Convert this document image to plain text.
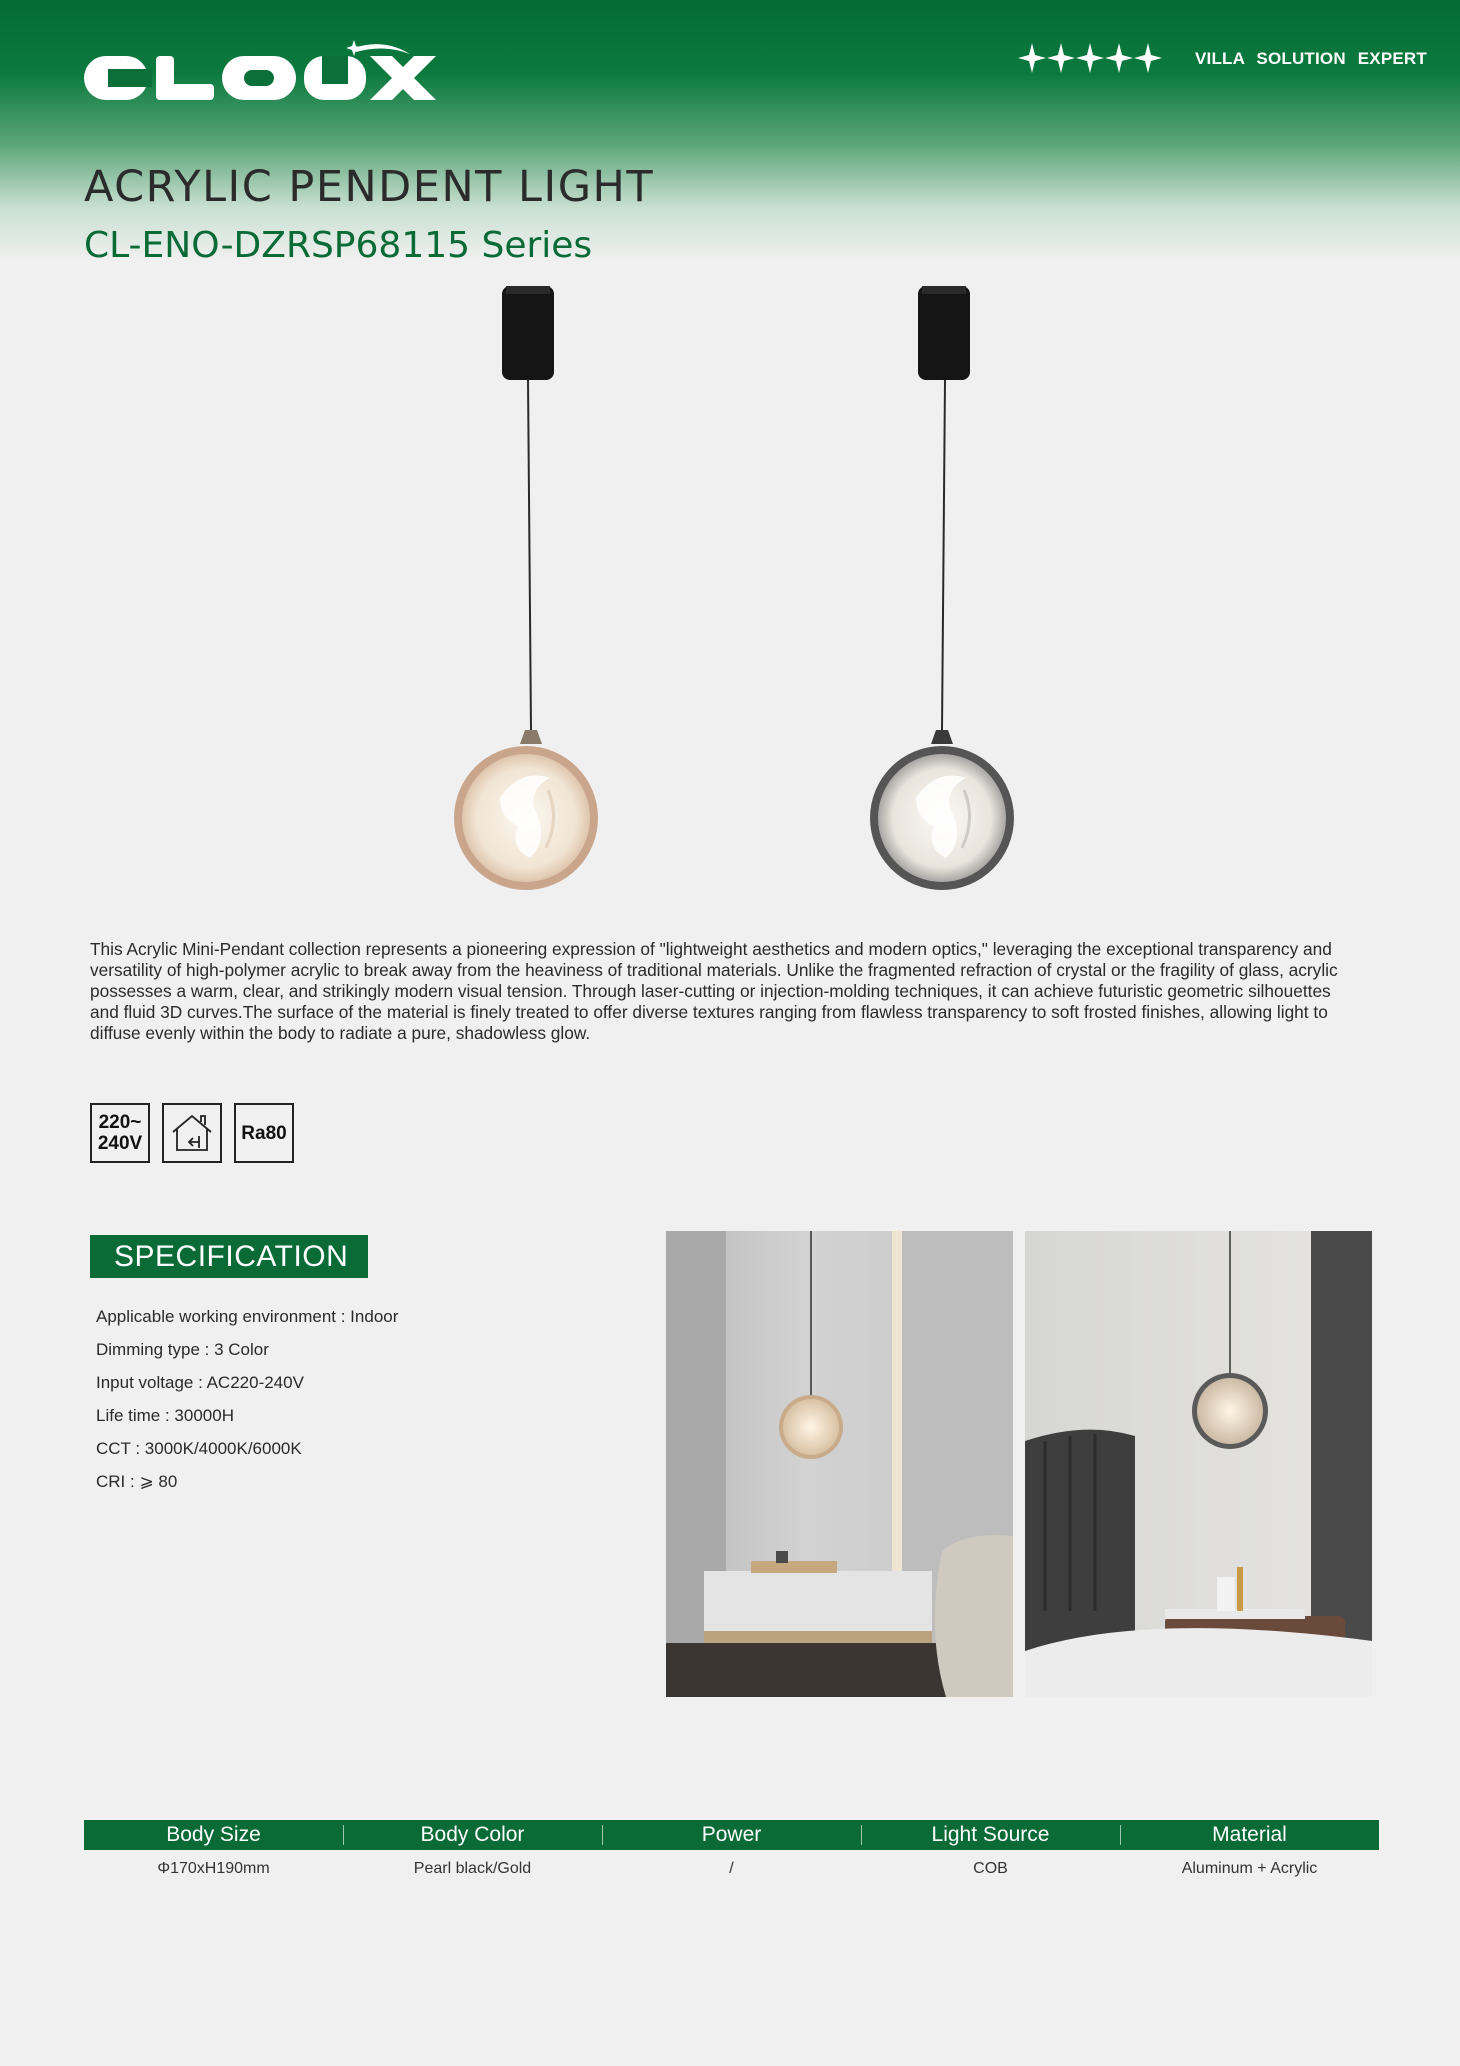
VILLA SOLUTION EXPERT
ACRYLIC PENDENT LIGHT
CL-ENO-DZRSP68115 Series

This Acrylic Mini-Pendant collection represents a pioneering expression of "lightweight aesthetics and modern optics," leveraging the exceptional transparency and versatility of high-polymer acrylic to break away from the heaviness of traditional materials. Unlike the fragmented refraction of crystal or the fragility of glass, acrylic possesses a warm, clear, and strikingly modern visual tension. Through laser-cutting or injection-molding techniques, it can achieve futuristic geometric silhouettes and fluid 3D curves.The surface of the material is finely treated to offer diverse textures ranging from flawless transparency to soft frosted finishes, allowing light to diffuse evenly within the body to radiate a pure, shadowless glow.

220~
240V	Ra80
SPECIFICATION
Applicable working environment : Indoor
Dimming type : 3 Color
Input voltage : AC220-240V
Life time : 30000H
CCT : 3000K/4000K/6000K
CRI : ⩾ 80
Body Size	Body Color	Power	Light Source	Material
Φ170xH190mm	Pearl black/Gold	/	COB	Aluminum + Acrylic
